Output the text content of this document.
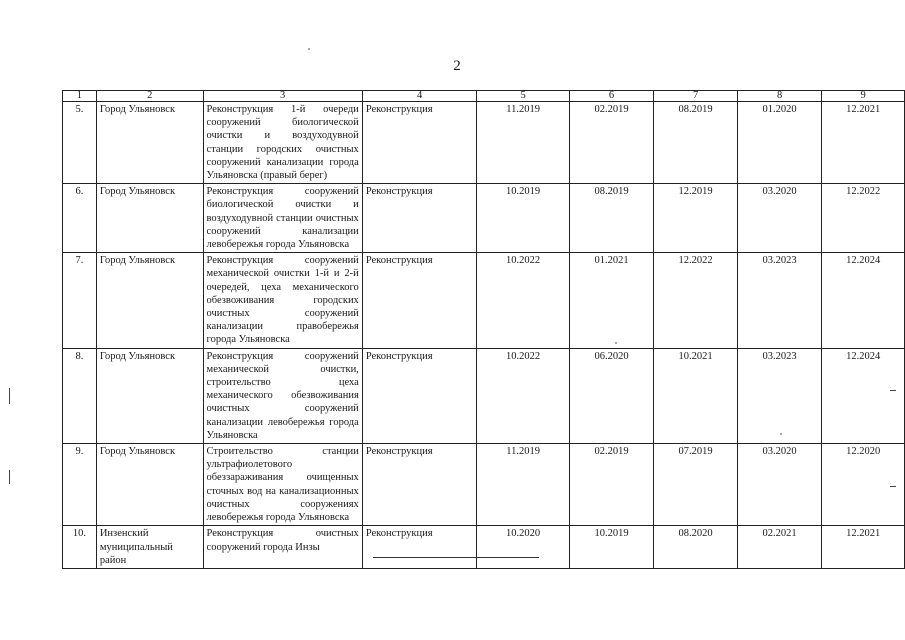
2
1	2	3	4	5	6	7	8	9
5.	Город Ульяновск	Реконструкция 1-й очереди сооружений биологической очистки и воздуходувной станции городских очистных сооружений канализации города Ульяновска (правый берег)	Реконструкция	11.2019	02.2019	08.2019	01.2020	12.2021
6.	Город Ульяновск	Реконструкция сооружений биологической очистки и воздуходувной станции очистных сооружений канализации левобережья города Ульяновска	Реконструкция	10.2019	08.2019	12.2019	03.2020	12.2022
7.	Город Ульяновск	Реконструкция сооружений механической очистки 1-й и 2-й очередей, цеха механического обезвоживания городских очистных сооружений канализации правобережья города Ульяновска	Реконструкция	10.2022	01.2021	12.2022	03.2023	12.2024
8.	Город Ульяновск	Реконструкция сооружений механической очистки, строительство цеха механического обезвоживания очистных сооружений канализации левобережья города Ульяновска	Реконструкция	10.2022	06.2020	10.2021	03.2023	12.2024
9.	Город Ульяновск	Строительство станции ультрафиолетового обеззараживания очищенных сточных вод на канализационных очистных сооружениях левобережья города Ульяновска	Реконструкция	11.2019	02.2019	07.2019	03.2020	12.2020
10.	Инзенский муниципальный район	Реконструкция очистных сооружений города Инзы	Реконструкция	10.2020	10.2019	08.2020	02.2021	12.2021
